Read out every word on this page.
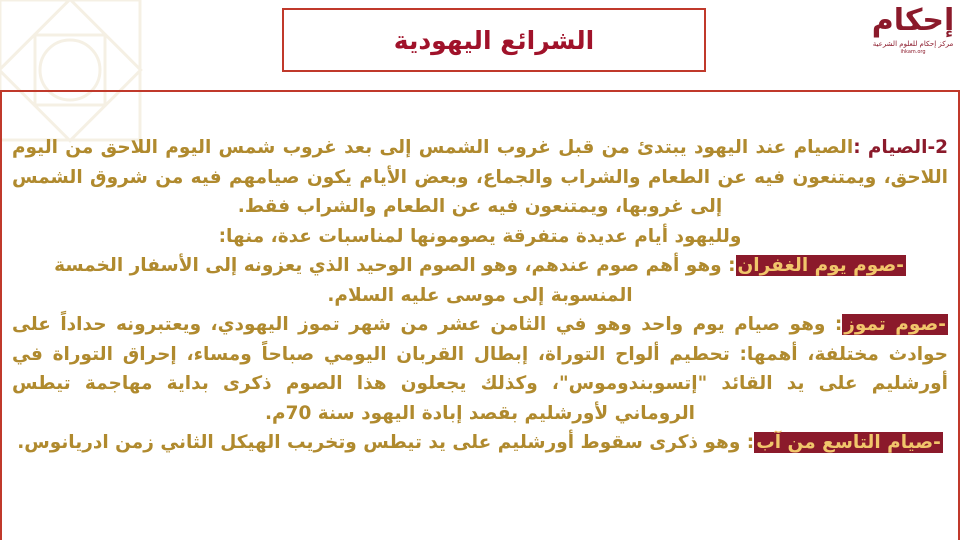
الشرائع اليهودية
إحكام
مركز إحكام للعلوم الشرعية
ihkam.org
2-الصيام :الصيام عند اليهود يبتدئ من قبل غروب الشمس إلى بعد غروب شمس اليوم اللاحق من اليوم
اللاحق، ويمتنعون فيه عن الطعام والشراب والجماع، وبعض الأيام يكون صيامهم فيه من شروق الشمس
إلى غروبها، ويمتنعون فيه عن الطعام والشراب فقط.
ولليهود أيام عديدة متفرقة يصومونها لمناسبات عدة، منها:
-صوم يوم الغفران: وهو أهم صوم عندهم، وهو الصوم الوحيد الذي يعزونه إلى الأسفار الخمسة
المنسوبة إلى موسى عليه السلام.
-صوم تموز: وهو صيام يوم واحد وهو في الثامن عشر من شهر تموز اليهودي، ويعتبرونه حداداً على
حوادث مختلفة، أهمها: تحطيم ألواح التوراة، إبطال القربان اليومي صباحاً ومساء، إحراق التوراة في
أورشليم على يد القائد "إتسوبندوموس"، وكذلك يجعلون هذا الصوم ذكرى بداية مهاجمة تيطس
الروماني لأورشليم بقصد إبادة اليهود سنة 70م.
-صيام التاسع من آب: وهو ذكرى سقوط أورشليم على يد تيطس وتخريب الهيكل الثاني زمن ادريانوس.
